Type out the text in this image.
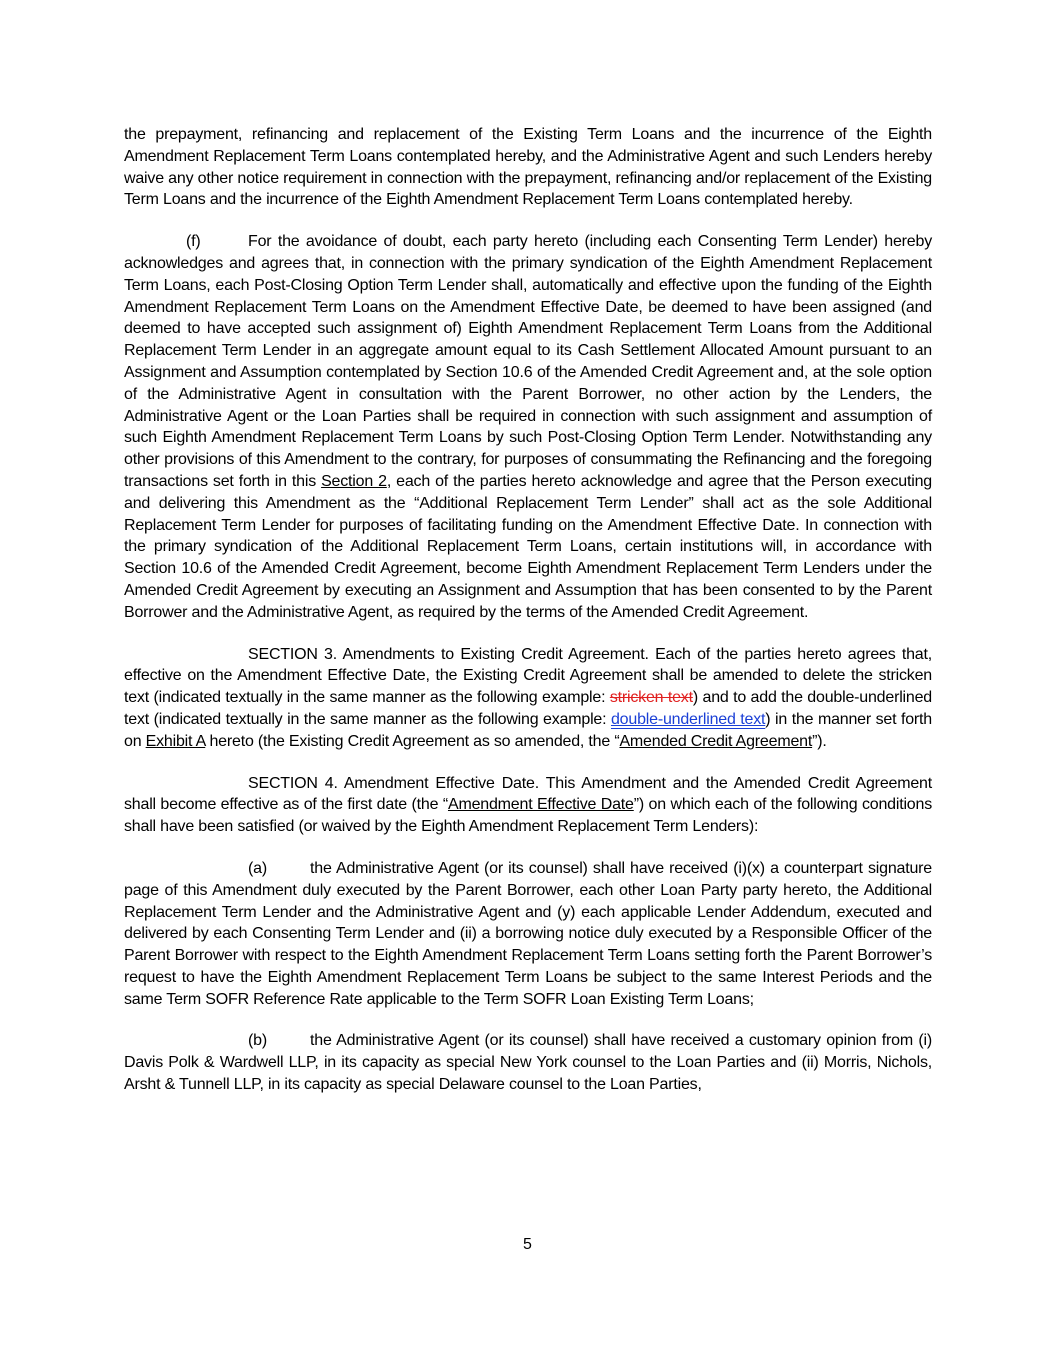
the prepayment, refinancing and replacement of the Existing Term Loans and the incurrence of the Eighth Amendment Replacement Term Loans contemplated hereby, and the Administrative Agent and such Lenders hereby waive any other notice requirement in connection with the prepayment, refinancing and/or replacement of the Existing Term Loans and the incurrence of the Eighth Amendment Replacement Term Loans contemplated hereby.

(f)	For the avoidance of doubt, each party hereto (including each Consenting Term Lender) hereby acknowledges and agrees that, in connection with the primary syndication of the Eighth Amendment Replacement Term Loans, each Post-Closing Option Term Lender shall, automatically and effective upon the funding of the Eighth Amendment Replacement Term Loans on the Amendment Effective Date, be deemed to have been assigned (and deemed to have accepted such assignment of) Eighth Amendment Replacement Term Loans from the Additional Replacement Term Lender in an aggregate amount equal to its Cash Settlement Allocated Amount pursuant to an Assignment and Assumption contemplated by Section 10.6 of the Amended Credit Agreement and, at the sole option of the Administrative Agent in consultation with the Parent Borrower, no other action by the Lenders, the Administrative Agent or the Loan Parties shall be required in connection with such assignment and assumption of such Eighth Amendment Replacement Term Loans by such Post-Closing Option Term Lender. Notwithstanding any other provisions of this Amendment to the contrary, for purposes of consummating the Refinancing and the foregoing transactions set forth in this Section 2, each of the parties hereto acknowledge and agree that the Person executing and delivering this Amendment as the “Additional Replacement Term Lender” shall act as the sole Additional Replacement Term Lender for purposes of facilitating funding on the Amendment Effective Date. In connection with the primary syndication of the Additional Replacement Term Loans, certain institutions will, in accordance with Section 10.6 of the Amended Credit Agreement, become Eighth Amendment Replacement Term Lenders under the Amended Credit Agreement by executing an Assignment and Assumption that has been consented to by the Parent Borrower and the Administrative Agent, as required by the terms of the Amended Credit Agreement.

SECTION 3. Amendments to Existing Credit Agreement. Each of the parties hereto agrees that, effective on the Amendment Effective Date, the Existing Credit Agreement shall be amended to delete the stricken text (indicated textually in the same manner as the following example: stricken text) and to add the double-underlined text (indicated textually in the same manner as the following example: double-underlined text) in the manner set forth on Exhibit A hereto (the Existing Credit Agreement as so amended, the “Amended Credit Agreement”).

SECTION 4. Amendment Effective Date. This Amendment and the Amended Credit Agreement shall become effective as of the first date (the “Amendment Effective Date”) on which each of the following conditions shall have been satisfied (or waived by the Eighth Amendment Replacement Term Lenders):

(a)	the Administrative Agent (or its counsel) shall have received (i)(x) a counterpart signature page of this Amendment duly executed by the Parent Borrower, each other Loan Party party hereto, the Additional Replacement Term Lender and the Administrative Agent and (y) each applicable Lender Addendum, executed and delivered by each Consenting Term Lender and (ii) a borrowing notice duly executed by a Responsible Officer of the Parent Borrower with respect to the Eighth Amendment Replacement Term Loans setting forth the Parent Borrower’s request to have the Eighth Amendment Replacement Term Loans be subject to the same Interest Periods and the same Term SOFR Reference Rate applicable to the Term SOFR Loan Existing Term Loans;

(b)	the Administrative Agent (or its counsel) shall have received a customary opinion from (i) Davis Polk & Wardwell LLP, in its capacity as special New York counsel to the Loan Parties and (ii) Morris, Nichols, Arsht & Tunnell LLP, in its capacity as special Delaware counsel to the Loan Parties,

5
